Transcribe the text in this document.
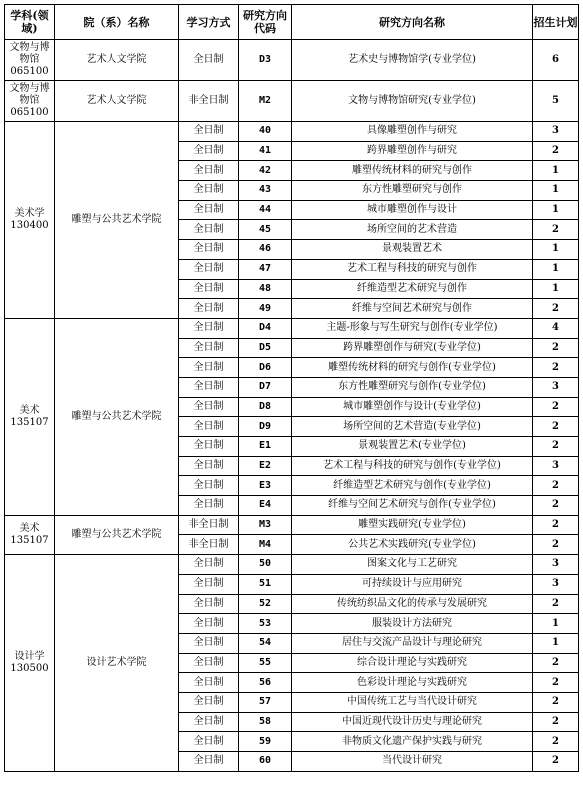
学科(领域)	院（系）名称	学习方式	研究方向代码	研究方向名称	招生计划
文物与博物馆
065100	艺术人文学院	全日制	D3	艺术史与博物馆学(专业学位)	6
文物与博物馆
065100	艺术人文学院	非全日制	M2	文物与博物馆研究(专业学位)	5
美术学
130400	雕塑与公共艺术学院	全日制	40	具像雕塑创作与研究	3
		全日制	41	跨界雕塑创作与研究	2
		全日制	42	雕塑传统材料的研究与创作	1
		全日制	43	东方性雕塑研究与创作	1
		全日制	44	城市雕塑创作与设计	1
		全日制	45	场所空间的艺术营造	2
		全日制	46	景观装置艺术	1
		全日制	47	艺术工程与科技的研究与创作	1
		全日制	48	纤维造型艺术研究与创作	1
		全日制	49	纤维与空间艺术研究与创作	2
美术
135107	雕塑与公共艺术学院	全日制	D4	主题-形象与写生研究与创作(专业学位)	4
		全日制	D5	跨界雕塑创作与研究(专业学位)	2
		全日制	D6	雕塑传统材料的研究与创作(专业学位)	2
		全日制	D7	东方性雕塑研究与创作(专业学位)	3
		全日制	D8	城市雕塑创作与设计(专业学位)	2
		全日制	D9	场所空间的艺术营造(专业学位)	2
		全日制	E1	景观装置艺术(专业学位)	2
		全日制	E2	艺术工程与科技的研究与创作(专业学位)	3
		全日制	E3	纤维造型艺术研究与创作(专业学位)	2
		全日制	E4	纤维与空间艺术研究与创作(专业学位)	2
美术
135107	雕塑与公共艺术学院	非全日制	M3	雕塑实践研究(专业学位)	2
		非全日制	M4	公共艺术实践研究(专业学位)	2
设计学
130500	设计艺术学院	全日制	50	图案文化与工艺研究	3
		全日制	51	可持续设计与应用研究	3
		全日制	52	传统纺织品文化的传承与发展研究	2
		全日制	53	服装设计方法研究	1
		全日制	54	居住与交流产品设计与理论研究	1
		全日制	55	综合设计理论与实践研究	2
		全日制	56	色彩设计理论与实践研究	2
		全日制	57	中国传统工艺与当代设计研究	2
		全日制	58	中国近现代设计历史与理论研究	2
		全日制	59	非物质文化遗产保护实践与研究	2
		全日制	60	当代设计研究	2
